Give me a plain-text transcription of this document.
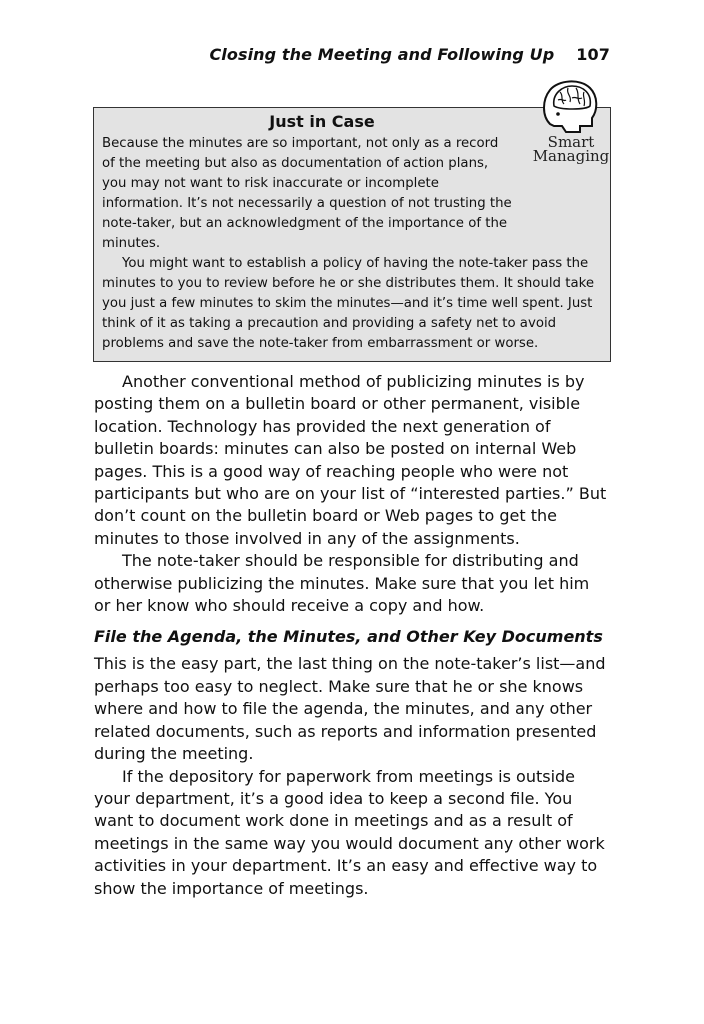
Closing the Meeting and Following Up 107
Just in Case

Because the minutes are so important, not only as a record of the meeting but also as documentation of action plans, you may not want to risk inaccurate or incomplete information. It’s not necessarily a question of not trusting the note-taker, but an acknowledgment of the importance of the minutes.

You might want to establish a policy of having the note-taker pass the minutes to you to review before he or she distributes them. It should take you just a few minutes to skim the minutes—and it’s time well spent. Just think of it as taking a precaution and providing a safety net to avoid problems and save the note-taker from embarrassment or worse.

Smart
Managing

Another conventional method of publicizing minutes is by posting them on a bulletin board or other permanent, visible location. Technology has provided the next generation of bulletin boards: minutes can also be posted on internal Web pages. This is a good way of reaching people who were not participants but who are on your list of “interested parties.” But don’t count on the bulletin board or Web pages to get the minutes to those involved in any of the assignments.

The note-taker should be responsible for distributing and otherwise publicizing the minutes. Make sure that you let him or her know who should receive a copy and how.

File the Agenda, the Minutes, and Other Key Documents

This is the easy part, the last thing on the note-taker’s list—and perhaps too easy to neglect. Make sure that he or she knows where and how to file the agenda, the minutes, and any other related documents, such as reports and information presented during the meeting.

If the depository for paperwork from meetings is outside your department, it’s a good idea to keep a second file. You want to document work done in meetings and as a result of meetings in the same way you would document any other work activities in your department. It’s an easy and effective way to show the importance of meetings.
